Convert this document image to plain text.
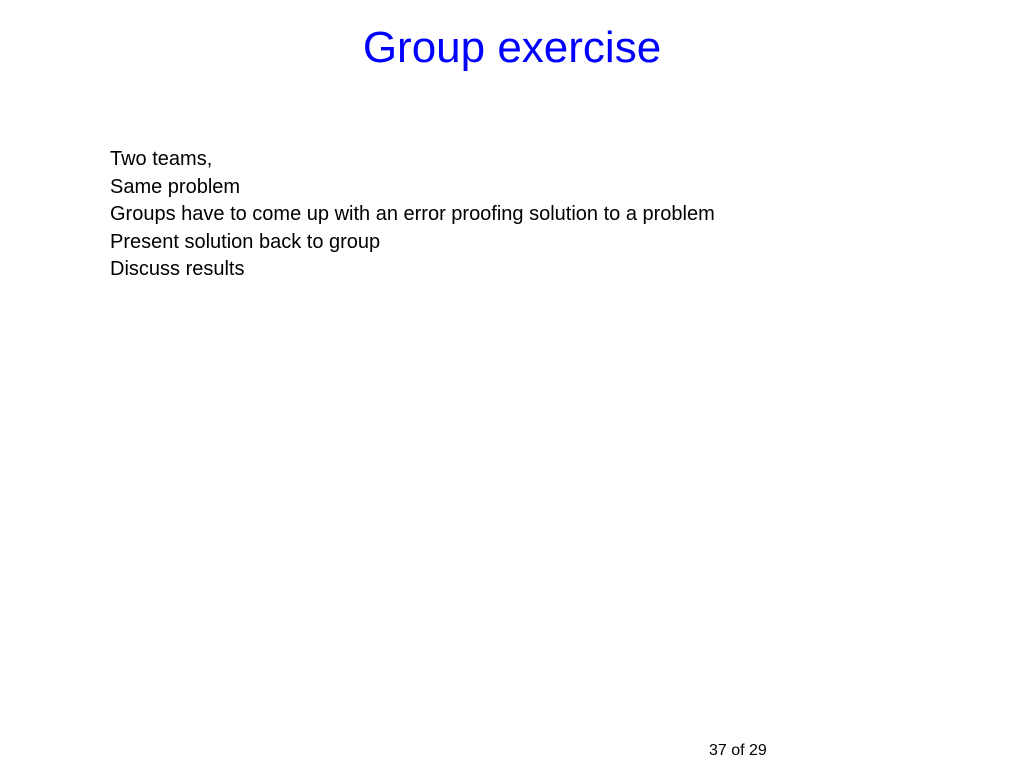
Group exercise
Two teams,
Same problem
Groups have to come up with an error proofing solution to a problem
Present solution back to group
Discuss results
37 of 29
